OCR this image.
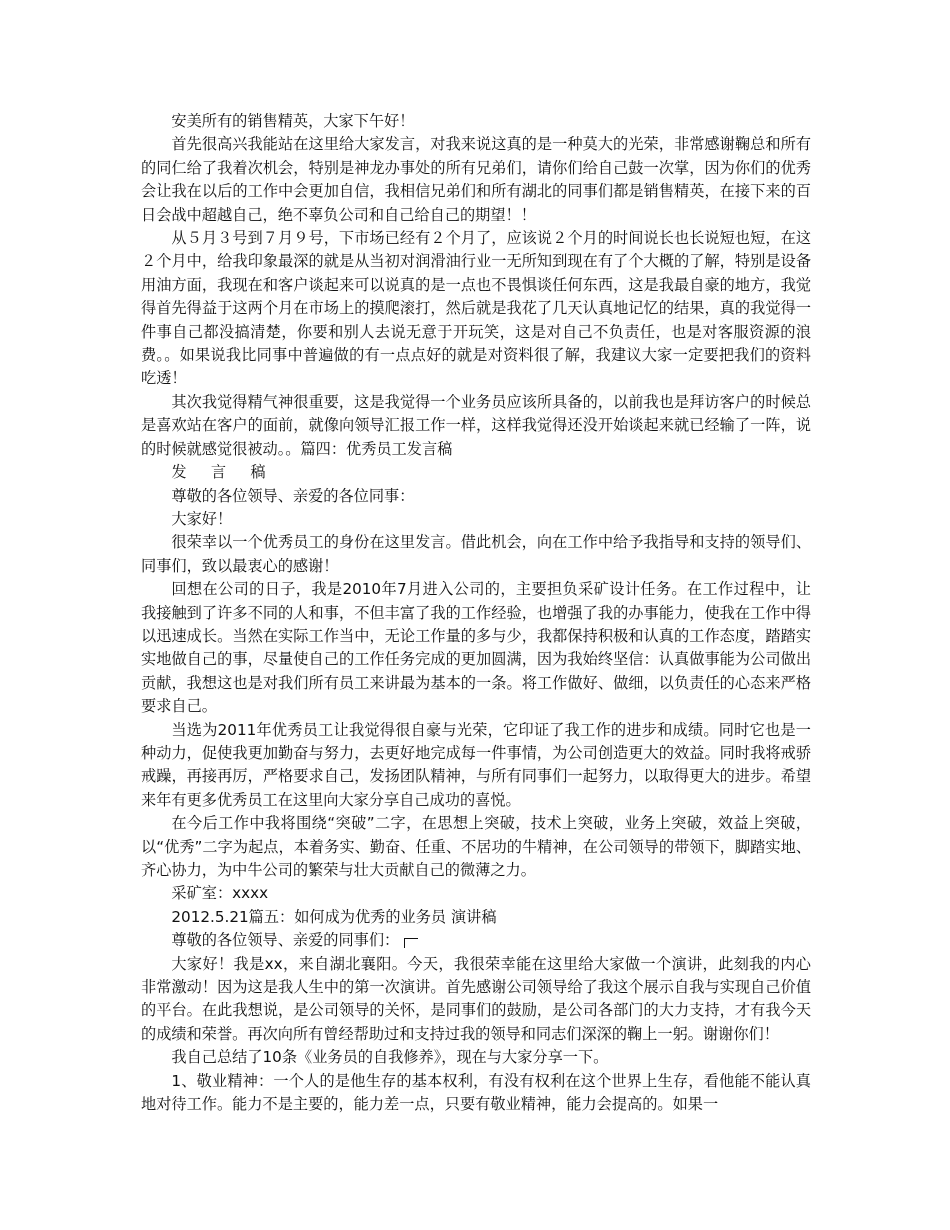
安美所有的销售精英，大家下午好！

首先很高兴我能站在这里给大家发言，对我来说这真的是一种莫大的光荣，非常感谢鞠总和所有的同仁给了我着次机会，特别是神龙办事处的所有兄弟们，请你们给自己鼓一次掌，因为你们的优秀会让我在以后的工作中会更加自信，我相信兄弟们和所有湖北的同事们都是销售精英，在接下来的百日会战中超越自己，绝不辜负公司和自己给自己的期望！！

从５月３号到７月９号，下市场已经有２个月了，应该说２个月的时间说长也长说短也短，在这２个月中，给我印象最深的就是从当初对润滑油行业一无所知到现在有了个大概的了解，特别是设备用油方面，我现在和客户谈起来可以说真的是一点也不畏惧谈任何东西，这是我最自豪的地方，我觉得首先得益于这两个月在市场上的摸爬滚打，然后就是我花了几天认真地记忆的结果，真的我觉得一件事自己都没搞清楚，你要和别人去说无意于开玩笑，这是对自己不负责任，也是对客服资源的浪费。。如果说我比同事中普遍做的有一点点好的就是对资料很了解，我建议大家一定要把我们的资料吃透！

其次我觉得精气神很重要，这是我觉得一个业务员应该所具备的，以前我也是拜访客户的时候总是喜欢站在客户的面前，就像向领导汇报工作一样，这样我觉得还没开始谈起来就已经输了一阵，说的时候就感觉很被动。。篇四：优秀员工发言稿

发言稿

尊敬的各位领导、亲爱的各位同事：

大家好！

很荣幸以一个优秀员工的身份在这里发言。借此机会，向在工作中给予我指导和支持的领导们、同事们，致以最衷心的感谢！

回想在公司的日子，我是2010年7月进入公司的，主要担负采矿设计任务。在工作过程中，让我接触到了许多不同的人和事，不但丰富了我的工作经验，也增强了我的办事能力，使我在工作中得以迅速成长。当然在实际工作当中，无论工作量的多与少，我都保持积极和认真的工作态度，踏踏实实地做自己的事，尽量使自己的工作任务完成的更加圆满，因为我始终坚信：认真做事能为公司做出贡献，我想这也是对我们所有员工来讲最为基本的一条。将工作做好、做细，以负责任的心态来严格要求自己。

当选为2011年优秀员工让我觉得很自豪与光荣，它印证了我工作的进步和成绩。同时它也是一种动力，促使我更加勤奋与努力，去更好地完成每一件事情，为公司创造更大的效益。同时我将戒骄戒躁，再接再厉，严格要求自己，发扬团队精神，与所有同事们一起努力，以取得更大的进步。希望来年有更多优秀员工在这里向大家分享自己成功的喜悦。

在今后工作中我将围绕“突破”二字，在思想上突破，技术上突破，业务上突破，效益上突破，以“优秀”二字为起点，本着务实、勤奋、任重、不居功的牛精神，在公司领导的带领下，脚踏实地、齐心协力，为中牛公司的繁荣与壮大贡献自己的微薄之力。

采矿室：xxxx

2012.5.21篇五：如何成为优秀的业务员 演讲稿

尊敬的各位领导、亲爱的同事们：

大家好！我是xx，来自湖北襄阳。今天，我很荣幸能在这里给大家做一个演讲，此刻我的内心非常激动！因为这是我人生中的第一次演讲。首先感谢公司领导给了我这个展示自我与实现自己价值的平台。在此我想说，是公司领导的关怀，是同事们的鼓励，是公司各部门的大力支持，才有我今天的成绩和荣誉。再次向所有曾经帮助过和支持过我的领导和同志们深深的鞠上一躬。谢谢你们！

我自己总结了10条《业务员的自我修养》，现在与大家分享一下。

1、敬业精神：一个人的是他生存的基本权利，有没有权利在这个世界上生存，看他能不能认真地对待工作。能力不是主要的，能力差一点，只要有敬业精神，能力会提高的。如果一
